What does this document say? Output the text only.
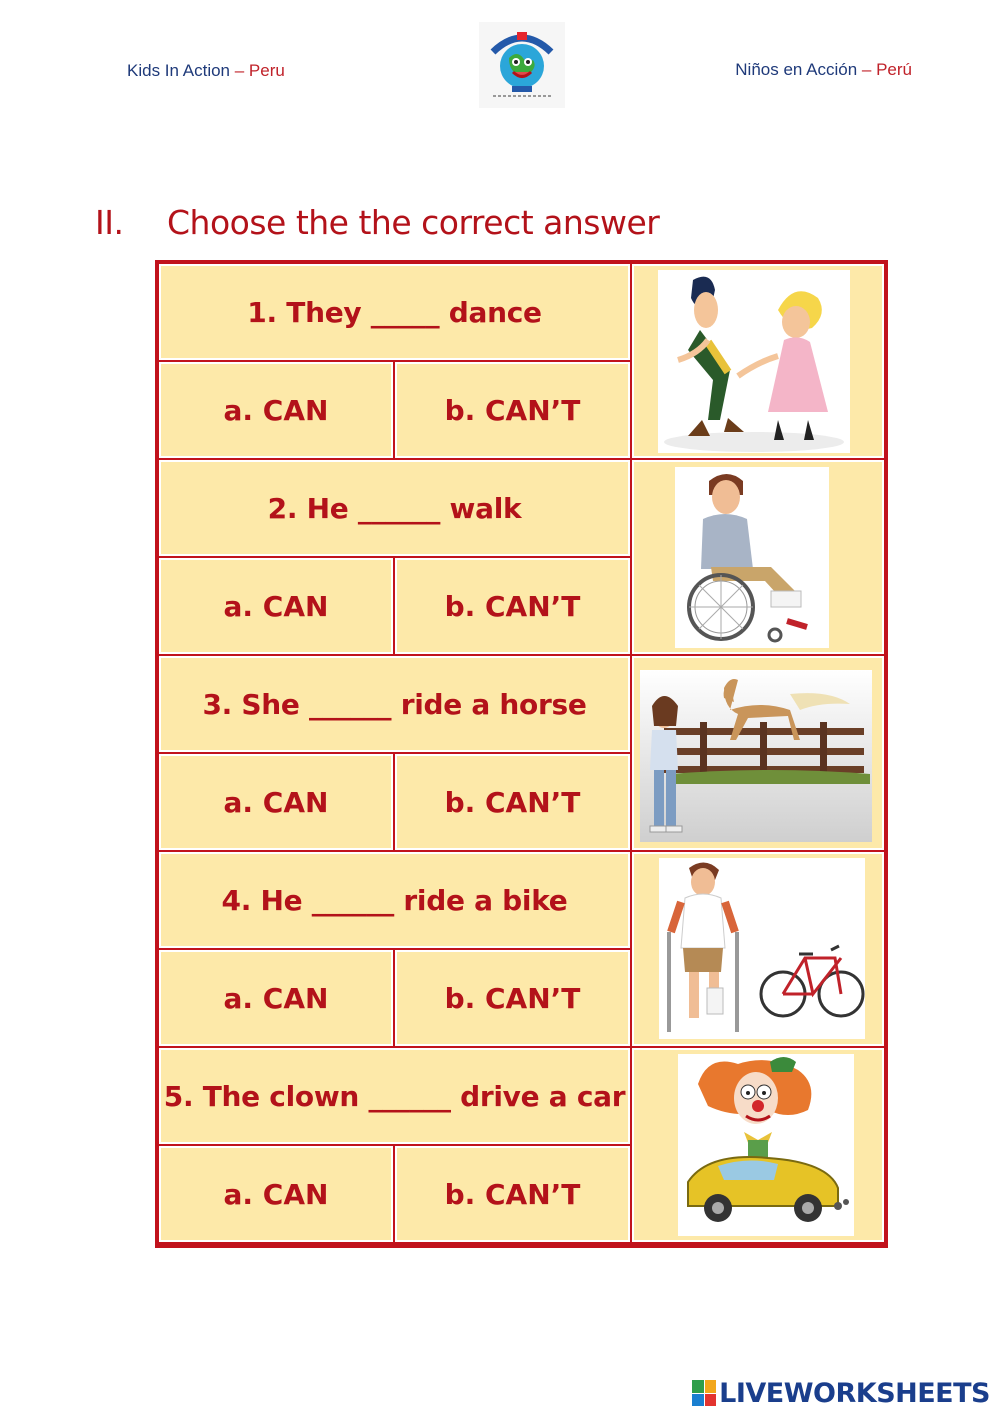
Kids In Action – Peru	Niños en Acción – Perú
II. Choose the the correct answer
1. They _____ dance
a. CAN	b. CAN’T
2. He ______ walk
a. CAN	b. CAN’T
3. She ______ ride a horse
a. CAN	b. CAN’T
4. He ______ ride a bike
a. CAN	b. CAN’T
5. The clown ______ drive a car
a. CAN	b. CAN’T
LIVEWORKSHEETS
